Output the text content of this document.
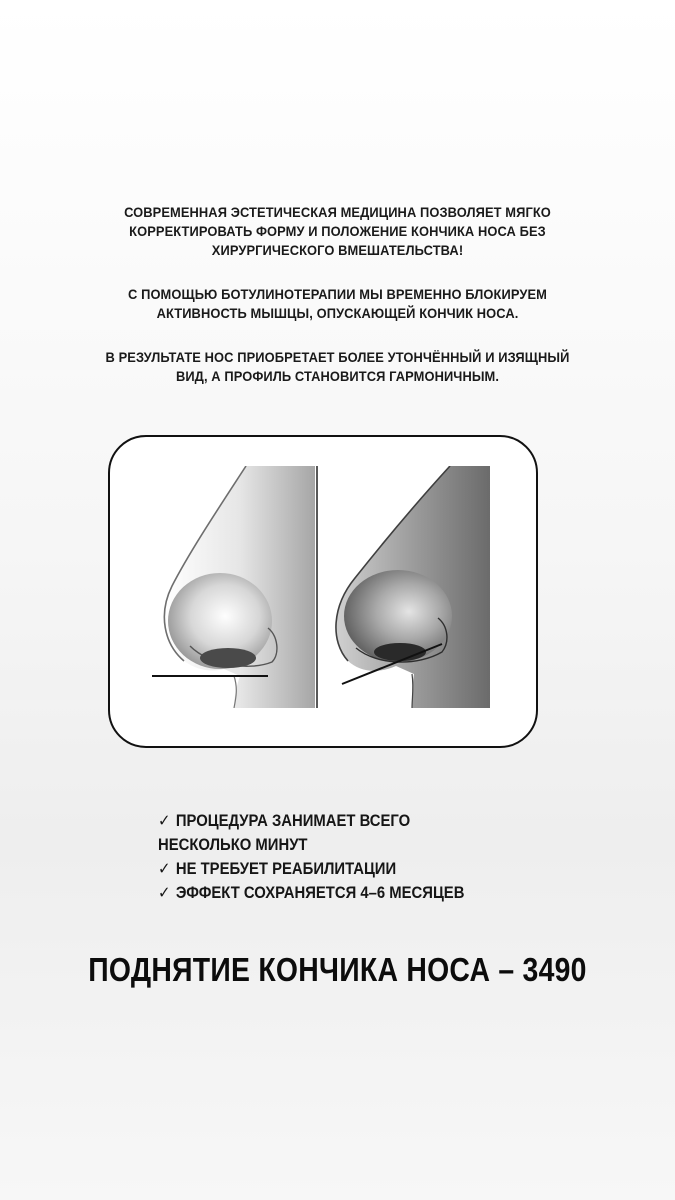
СОВРЕМЕННАЯ ЭСТЕТИЧЕСКАЯ МЕДИЦИНА ПОЗВОЛЯЕТ МЯГКО КОРРЕКТИРОВАТЬ ФОРМУ И ПОЛОЖЕНИЕ КОНЧИКА НОСА БЕЗ ХИРУРГИЧЕСКОГО ВМЕШАТЕЛЬСТВА!

С ПОМОЩЬЮ БОТУЛИНОТЕРАПИИ МЫ ВРЕМЕННО БЛОКИРУЕМ АКТИВНОСТЬ МЫШЦЫ, ОПУСКАЮЩЕЙ КОНЧИК НОСА.

В РЕЗУЛЬТАТЕ НОС ПРИОБРЕТАЕТ БОЛЕЕ УТОНЧЁННЫЙ И ИЗЯЩНЫЙ ВИД, А ПРОФИЛЬ СТАНОВИТСЯ ГАРМОНИЧНЫМ.

✓ ПРОЦЕДУРА ЗАНИМАЕТ ВСЕГО НЕСКОЛЬКО МИНУТ
✓ НЕ ТРЕБУЕТ РЕАБИЛИТАЦИИ
✓ ЭФФЕКТ СОХРАНЯЕТСЯ 4–6 МЕСЯЦЕВ
ПОДНЯТИЕ КОНЧИКА НОСА – 3490
